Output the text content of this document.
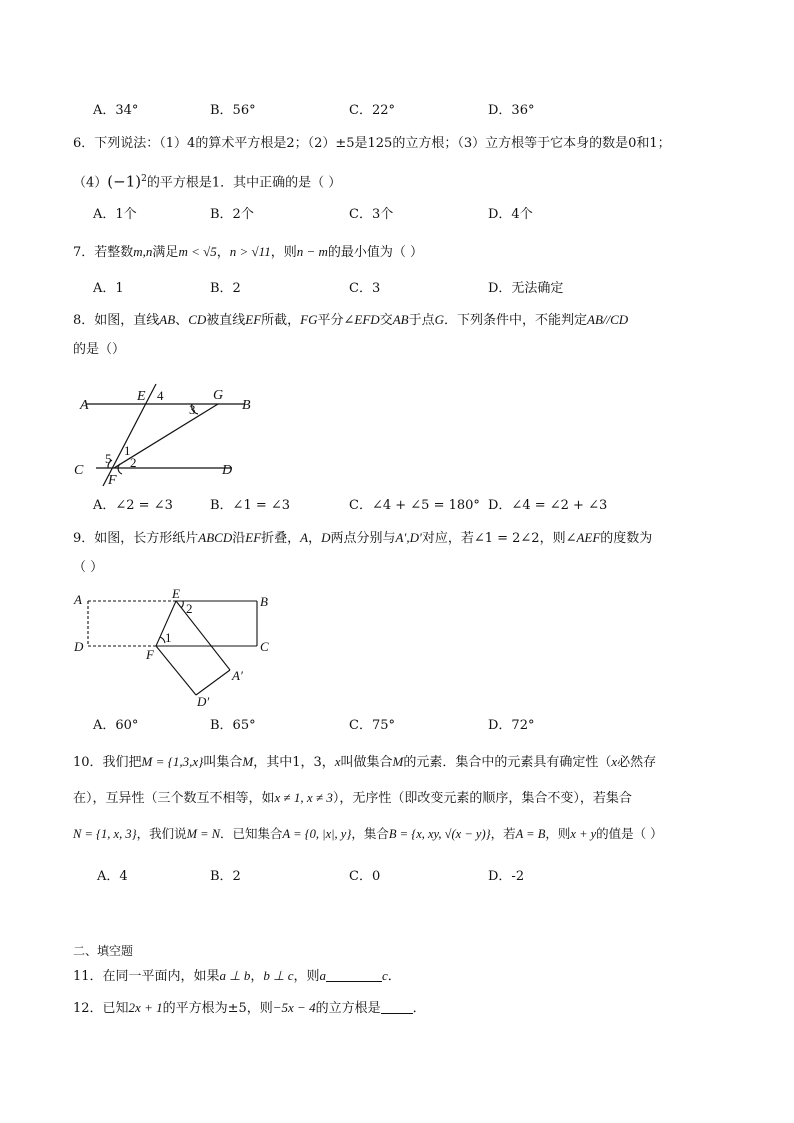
A．34°	B．56°	C．22°	D．36°
6．下列说法：（1）4的算术平方根是2；（2）±5是125的立方根；（3）立方根等于它本身的数是0和1；
$(4)(-1)^2$的平方根是1．其中正确的是（ ）
A．1个	B．2个	C．3个	D．4个
7．若整数m,n满足m < √5，n > √11，则n − m的最小值为（ ）
A．1	B．2	C．3	D．无法确定
8．如图，直线AB、CD被直线EF所截，FG平分∠EFD交AB于点G．下列条件中，不能判定AB//CD
的是（）
A	B
C	D
E
F
G
4
3
1
2
5
A．∠2 = ∠3	B．∠1 = ∠3	C．∠4 + ∠5 = 180° D．∠4 = ∠2 + ∠3
9．如图，长方形纸片ABCD沿EF折叠，A，D两点分别与A′,D′对应，若∠1 = 2∠2，则∠AEF的度数为
（ ）
A	B
C
D
E
F
A′
D′
2
1
A．60°	B．65°	C．75°	D．72°
10．我们把M = {1,3,x}叫集合M，其中1，3，x叫做集合M的元素．集合中的元素具有确定性（x必然存
在），互异性（三个数互不相等，如x ≠ 1, x ≠ 3），无序性（即改变元素的顺序，集合不变），若集合
N = {1, x, 3}，我们说M = N．已知集合A = {0, |x|, y}，集合B = {x, xy, √(x − y)}，若A = B，则x + y的值是（ ）
A．4	B．2	C．0	D．-2
二、填空题
11．在同一平面内，如果a ⊥ b，b ⊥ c，则a	c．
12．已知2x + 1的平方根为±5，则−5x − 4的立方根是 ．
